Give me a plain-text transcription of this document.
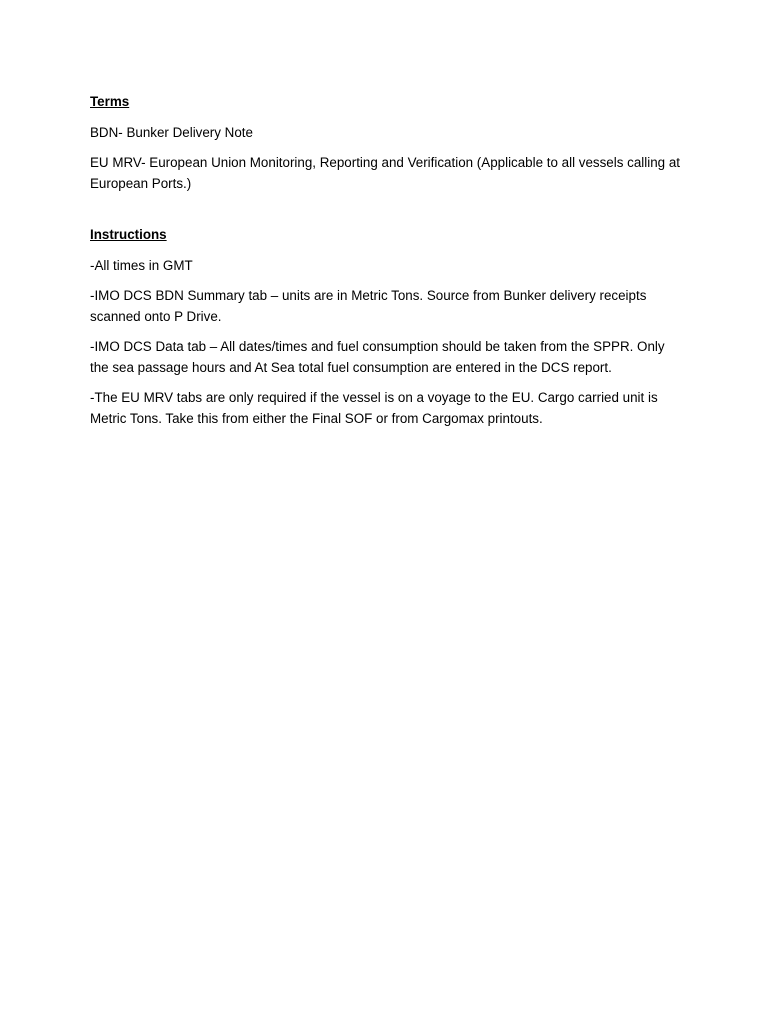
Terms
BDN- Bunker Delivery Note
EU MRV- European Union Monitoring, Reporting and Verification (Applicable to all vessels calling at European Ports.)
Instructions
-All times in GMT
-IMO DCS BDN Summary tab – units are in Metric Tons. Source from Bunker delivery receipts scanned onto P Drive.
-IMO DCS Data tab – All dates/times and fuel consumption should be taken from the SPPR. Only the sea passage hours and At Sea total fuel consumption are entered in the DCS report.
-The EU MRV tabs are only required if the vessel is on a voyage to the EU. Cargo carried unit is Metric Tons. Take this from either the Final SOF or from Cargomax printouts.
